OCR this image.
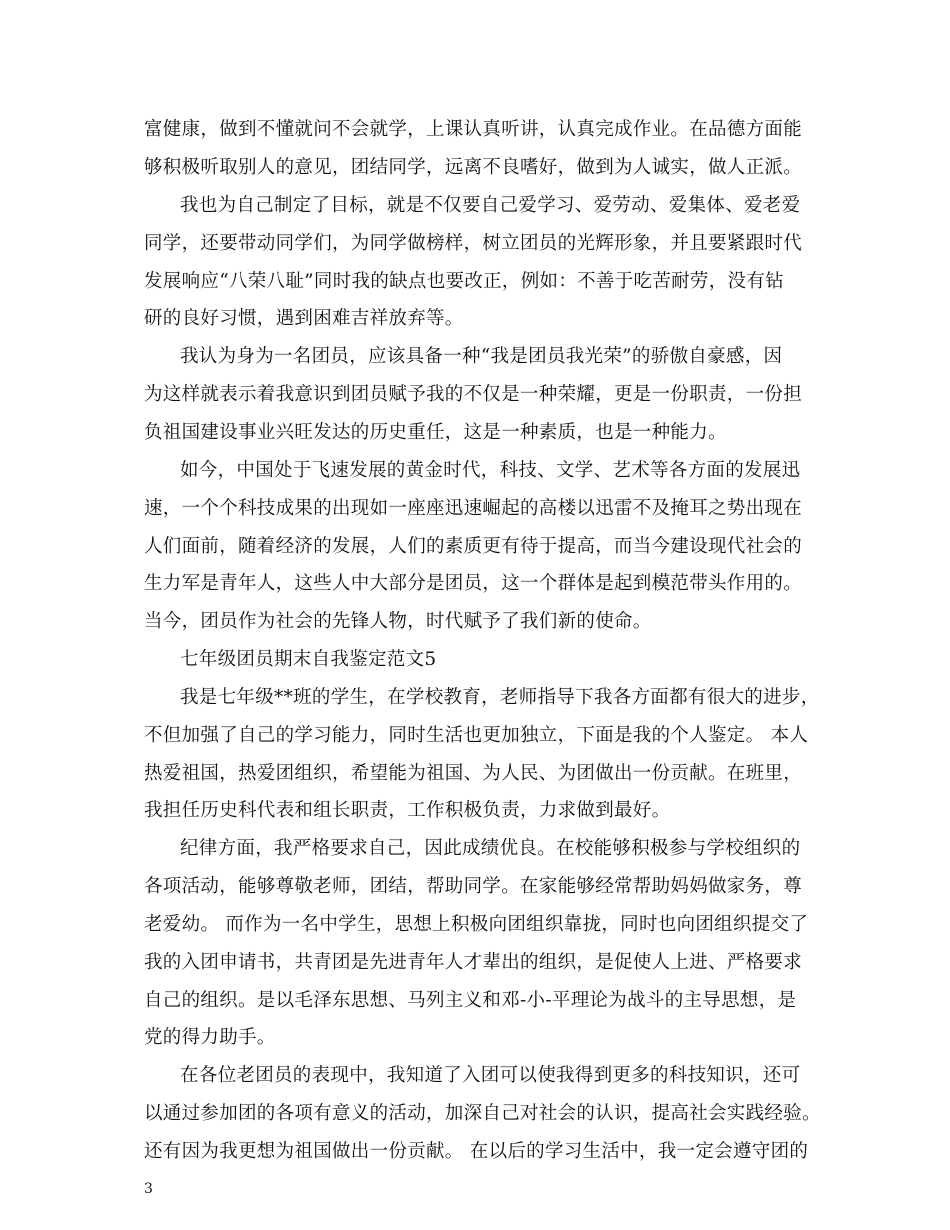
富健康，做到不懂就问不会就学，上课认真听讲，认真完成作业。在品德方面能
够积极听取别人的意见，团结同学，远离不良嗜好，做到为人诚实，做人正派。
我也为自己制定了目标，就是不仅要自己爱学习、爱劳动、爱集体、爱老爱
同学，还要带动同学们，为同学做榜样，树立团员的光辉形象，并且要紧跟时代
发展响应“八荣八耻”同时我的缺点也要改正，例如：不善于吃苦耐劳，没有钻
研的良好习惯，遇到困难吉祥放弃等。
我认为身为一名团员，应该具备一种“我是团员我光荣”的骄傲自豪感，因
为这样就表示着我意识到团员赋予我的不仅是一种荣耀，更是一份职责，一份担
负祖国建设事业兴旺发达的历史重任，这是一种素质，也是一种能力。
如今，中国处于飞速发展的黄金时代，科技、文学、艺术等各方面的发展迅
速，一个个科技成果的出现如一座座迅速崛起的高楼以迅雷不及掩耳之势出现在
人们面前，随着经济的发展，人们的素质更有待于提高，而当今建设现代社会的
生力军是青年人，这些人中大部分是团员，这一个群体是起到模范带头作用的。
当今，团员作为社会的先锋人物，时代赋予了我们新的使命。
七年级团员期末自我鉴定范文5
我是七年级**班的学生，在学校教育，老师指导下我各方面都有很大的进步，
不但加强了自己的学习能力，同时生活也更加独立，下面是我的个人鉴定。 本人
热爱祖国，热爱团组织，希望能为祖国、为人民、为团做出一份贡献。在班里，
我担任历史科代表和组长职责，工作积极负责，力求做到最好。
纪律方面，我严格要求自己，因此成绩优良。在校能够积极参与学校组织的
各项活动，能够尊敬老师，团结，帮助同学。在家能够经常帮助妈妈做家务，尊
老爱幼。 而作为一名中学生，思想上积极向团组织靠拢，同时也向团组织提交了
我的入团申请书，共青团是先进青年人才辈出的组织，是促使人上进、严格要求
自己的组织。是以毛泽东思想、马列主义和邓-小-平理论为战斗的主导思想，是
党的得力助手。
在各位老团员的表现中，我知道了入团可以使我得到更多的科技知识，还可
以通过参加团的各项有意义的活动，加深自己对社会的认识，提高社会实践经验。
还有因为我更想为祖国做出一份贡献。 在以后的学习生活中，我一定会遵守团的
3
